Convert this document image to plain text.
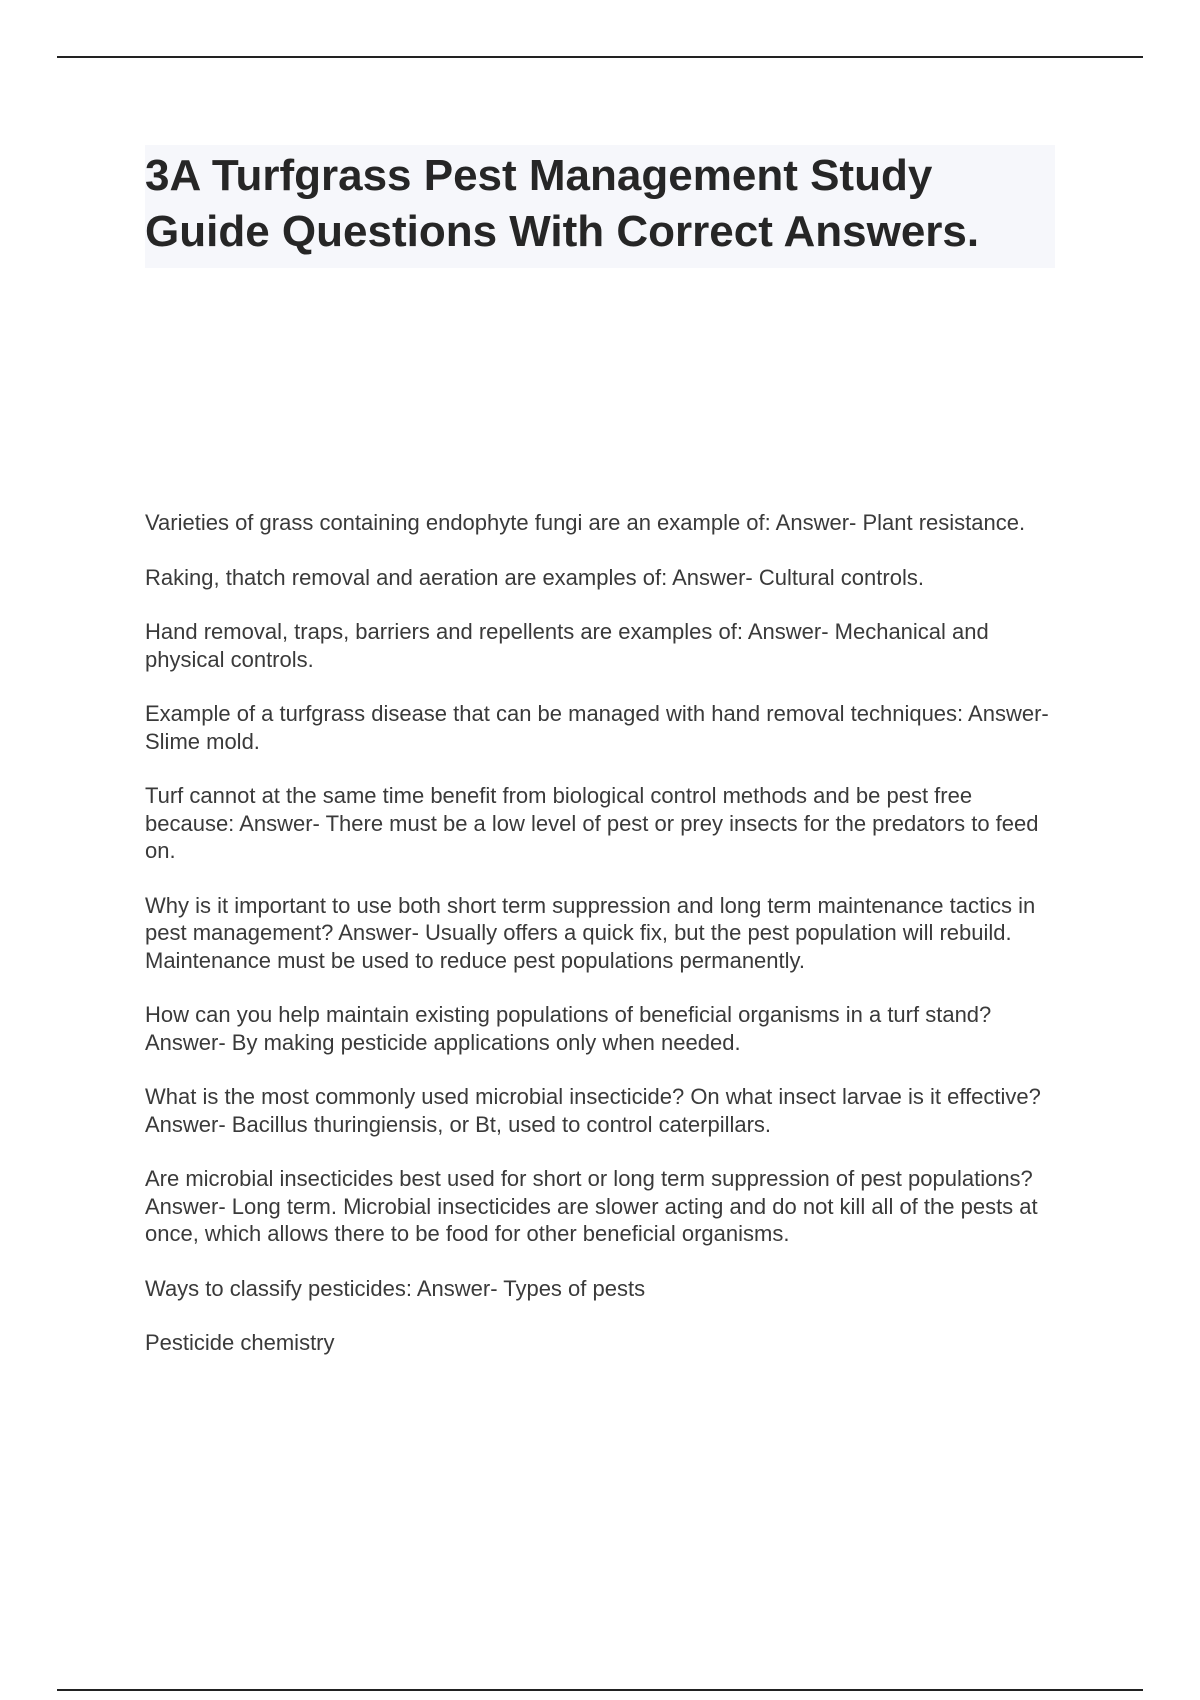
3A Turfgrass Pest Management Study Guide Questions With Correct Answers.

Varieties of grass containing endophyte fungi are an example of: Answer- Plant resistance.

Raking, thatch removal and aeration are examples of: Answer- Cultural controls.

Hand removal, traps, barriers and repellents are examples of: Answer- Mechanical and physical controls.

Example of a turfgrass disease that can be managed with hand removal techniques: Answer- Slime mold.

Turf cannot at the same time benefit from biological control methods and be pest free because: Answer- There must be a low level of pest or prey insects for the predators to feed on.

Why is it important to use both short term suppression and long term maintenance tactics in pest management? Answer- Usually offers a quick fix, but the pest population will rebuild. Maintenance must be used to reduce pest populations permanently.

How can you help maintain existing populations of beneficial organisms in a turf stand? Answer- By making pesticide applications only when needed.

What is the most commonly used microbial insecticide? On what insect larvae is it effective? Answer- Bacillus thuringiensis, or Bt, used to control caterpillars.

Are microbial insecticides best used for short or long term suppression of pest populations? Answer- Long term. Microbial insecticides are slower acting and do not kill all of the pests at once, which allows there to be food for other beneficial organisms.

Ways to classify pesticides: Answer- Types of pests

Pesticide chemistry
